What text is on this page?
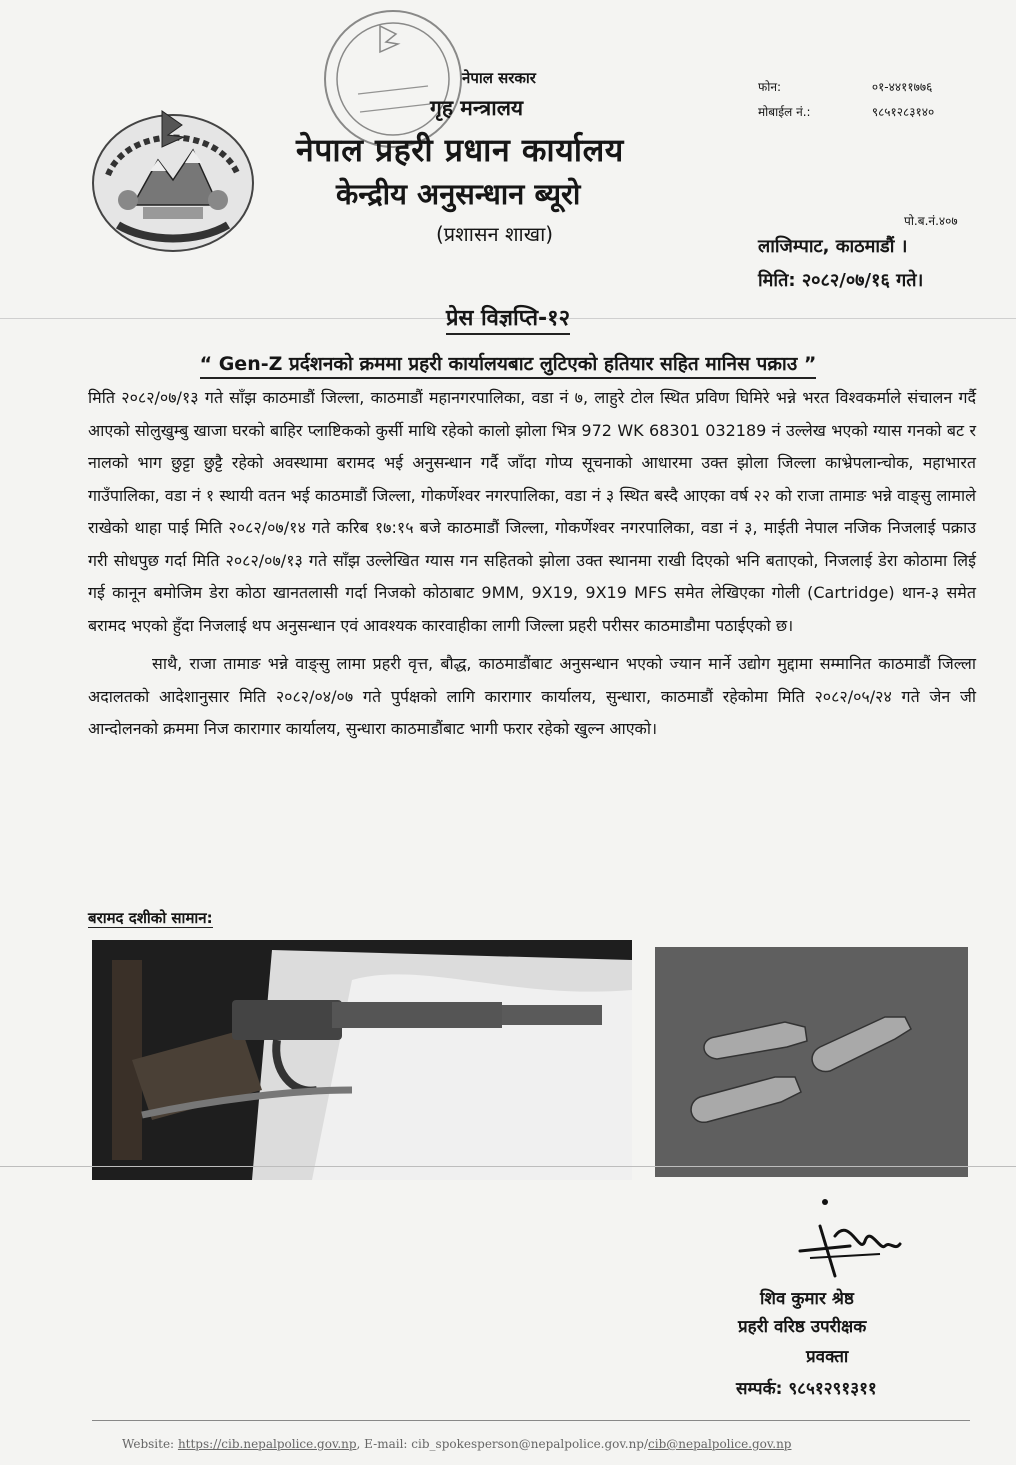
नेपाल सरकार
गृह मन्त्रालय
नेपाल प्रहरी प्रधान कार्यालय
केन्द्रीय अनुसन्धान ब्यूरो
(प्रशासन शाखा)
फोन:	०१-४४११७७६
मोबाईल नं.:	९८५१२८३१४०
पो.ब.नं.४०७
लाजिम्पाट, काठमाडौं ।
मिति: २०८२/०७/१६ गते।
प्रेस विज्ञप्ति-१२
“ Gen-Z प्रर्दशनको क्रममा प्रहरी कार्यालयबाट लुटिएको हतियार सहित मानिस पक्राउ ”

मिति २०८२/०७/१३ गते साँझ काठमाडौं जिल्ला, काठमाडौं महानगरपालिका, वडा नं ७, लाहुरे टोल स्थित प्रविण घिमिरे भन्ने भरत विश्वकर्माले संचालन गर्दै आएको सोलुखुम्बु खाजा घरको बाहिर प्लाष्टिकको कुर्सी माथि रहेको कालो झोला भित्र 972 WK 68301 032189 नं उल्लेख भएको ग्यास गनको बट र नालको भाग छुट्टा छुट्टै रहेको अवस्थामा बरामद भई अनुसन्धान गर्दै जाँदा गोप्य सूचनाको आधारमा उक्त झोला जिल्ला काभ्रेपलान्चोक, महाभारत गाउँपालिका, वडा नं १ स्थायी वतन भई काठमाडौं जिल्ला, गोकर्णेश्वर नगरपालिका, वडा नं ३ स्थित बस्दै आएका वर्ष २२ को राजा तामाङ भन्ने वाङ्सु लामाले राखेको थाहा पाई मिति २०८२/०७/१४ गते करिब १७:१५ बजे काठमाडौं जिल्ला, गोकर्णेश्वर नगरपालिका, वडा नं ३, माईती नेपाल नजिक निजलाई पक्राउ गरी सोधपुछ गर्दा मिति २०८२/०७/१३ गते साँझ उल्लेखित ग्यास गन सहितको झोला उक्त स्थानमा राखी दिएको भनि बताएको, निजलाई डेरा कोठामा लिई गई कानून बमोजिम डेरा कोठा खानतलासी गर्दा निजको कोठाबाट 9MM, 9X19, 9X19 MFS समेत लेखिएका गोली (Cartridge) थान-३ समेत बरामद भएको हुँदा निजलाई थप अनुसन्धान एवं आवश्यक कारवाहीका लागी जिल्ला प्रहरी परीसर काठमाडौमा पठाईएको छ।

साथै, राजा तामाङ भन्ने वाङ्सु लामा प्रहरी वृत्त, बौद्ध, काठमाडौंबाट अनुसन्धान भएको ज्यान मार्ने उद्योग मुद्दामा सम्मानित काठमाडौं जिल्ला अदालतको आदेशानुसार मिति २०८२/०४/०७ गते पुर्पक्षको लागि कारागार कार्यालय, सुन्धारा, काठमाडौं रहेकोमा मिति २०८२/०५/२४ गते जेन जी आन्दोलनको क्रममा निज कारागार कार्यालय, सुन्धारा काठमाडौंबाट भागी फरार रहेको खुल्न आएको।

बरामद दशीको सामान:
शिव कुमार श्रेष्ठ
प्रहरी वरिष्ठ उपरीक्षक
प्रवक्ता
सम्पर्क: ९८५१२९१३११
Website: https://cib.nepalpolice.gov.np, E-mail: cib_spokesperson@nepalpolice.gov.np/cib@nepalpolice.gov.np
